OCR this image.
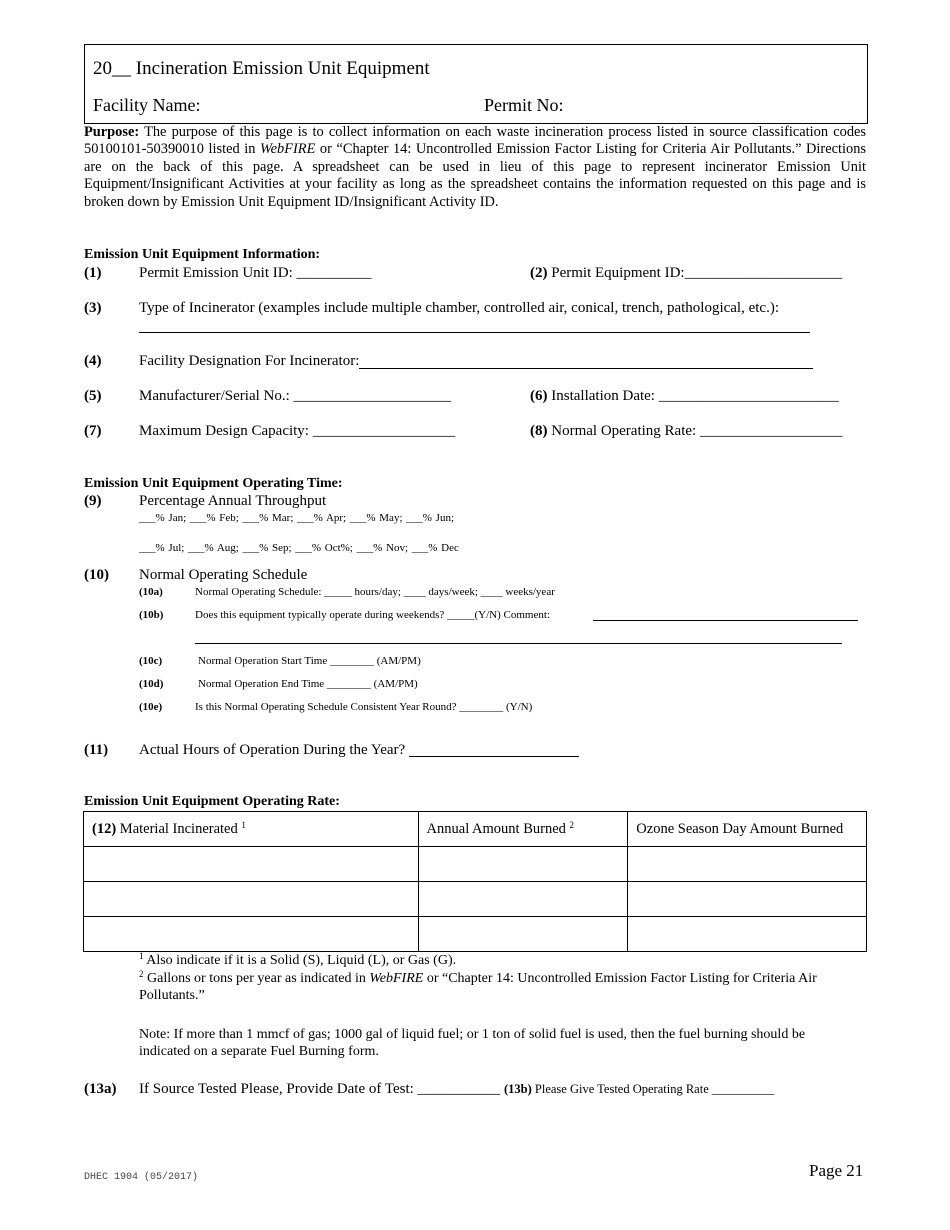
20__ Incineration Emission Unit Equipment
Facility Name:	Permit No:
Purpose: The purpose of this page is to collect information on each waste incineration process listed in source classification codes 50100101-50390010 listed in WebFIRE or “Chapter 14: Uncontrolled Emission Factor Listing for Criteria Air Pollutants.” Directions are on the back of this page. A spreadsheet can be used in lieu of this page to represent incinerator Emission Unit Equipment/Insignificant Activities at your facility as long as the spreadsheet contains the information requested on this page and is broken down by Emission Unit Equipment ID/Insignificant Activity ID.
Emission Unit Equipment Information:
(1)	Permit Emission Unit ID: __________	(2) Permit Equipment ID:_____________________
(3)	Type of Incinerator (examples include multiple chamber, controlled air, conical, trench, pathological, etc.):
(4)	Facility Designation For Incinerator:
(5)	Manufacturer/Serial No.: _____________________	(6) Installation Date: ________________________
(7)	Maximum Design Capacity: ___________________	(8) Normal Operating Rate: ___________________
Emission Unit Equipment Operating Time:
(9)	Percentage Annual Throughput
___% Jan; ___% Feb; ___% Mar; ___% Apr; ___% May; ___% Jun;
___% Jul; ___% Aug; ___% Sep; ___% Oct%; ___% Nov; ___% Dec
(10) Normal Operating Schedule
(10a)	Normal Operating Schedule: _____ hours/day; ____ days/week; ____ weeks/year
(10b)	Does this equipment typically operate during weekends? _____(Y/N) Comment:
(10c)	Normal Operation Start Time ________ (AM/PM)
(10d)	Normal Operation End Time ________ (AM/PM)
(10e)	Is this Normal Operating Schedule Consistent Year Round? ________ (Y/N)
(11) Actual Hours of Operation During the Year?
Emission Unit Equipment Operating Rate:
(12) Material Incinerated $^1$	Annual Amount Burned $^2$	Ozone Season Day Amount Burned

$^1$ Also indicate if it is a Solid (S), Liquid (L), or Gas (G).
$^2$ Gallons or tons per year as indicated in WebFIRE or “Chapter 14: Uncontrolled Emission Factor Listing for Criteria Air Pollutants.”
Note: If more than 1 mmcf of gas; 1000 gal of liquid fuel; or 1 ton of solid fuel is used, then the fuel burning should be indicated on a separate Fuel Burning form.
(13a) If Source Tested Please, Provide Date of Test: ___________ (13b) Please Give Tested Operating Rate __________
DHEC 1904 (05/2017)	Page 21
